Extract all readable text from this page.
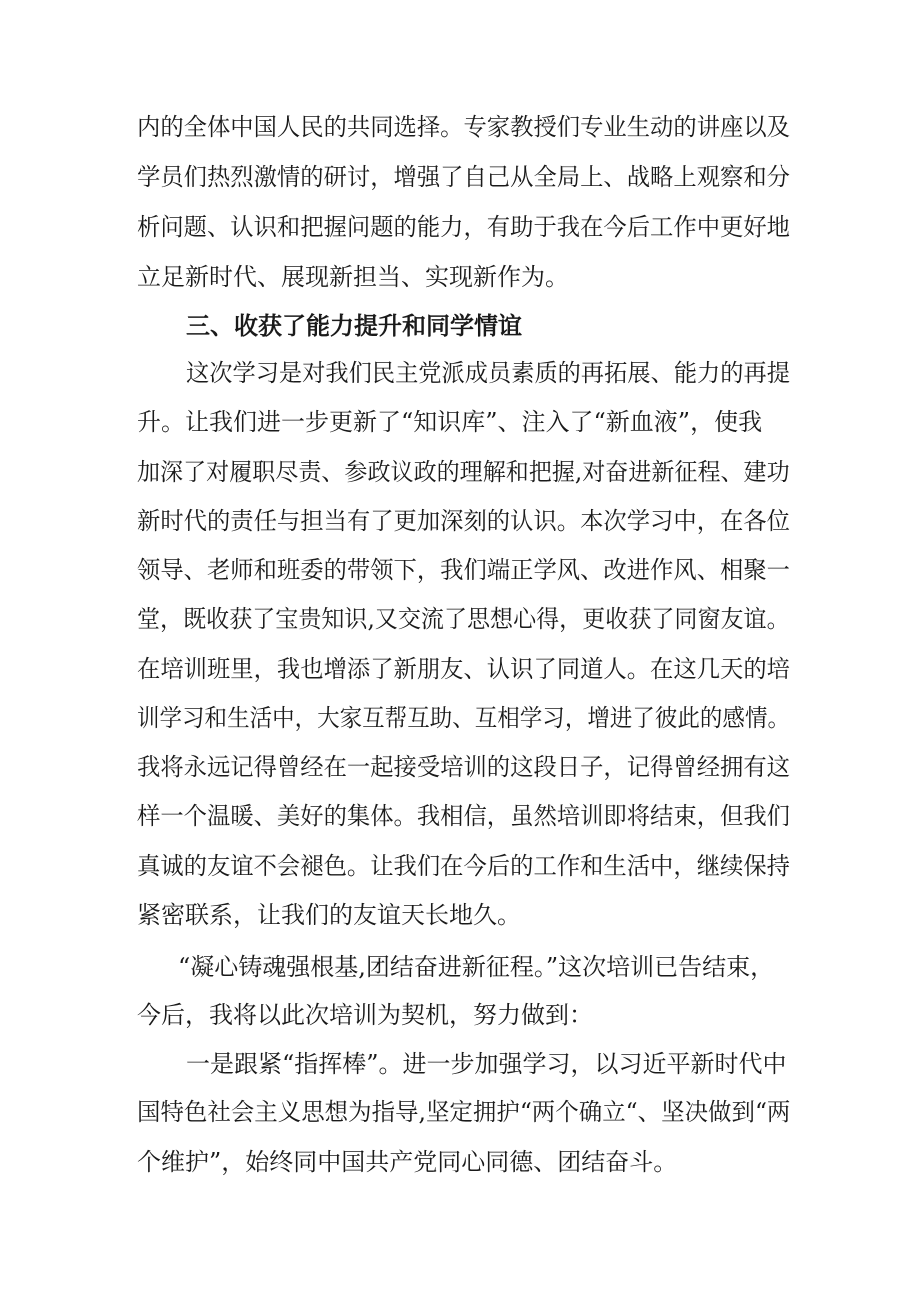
内的全体中国人民的共同选择。专家教授们专业生动的讲座以及
学员们热烈激情的研讨，增强了自己从全局上、战略上观察和分
析问题、认识和把握问题的能力，有助于我在今后工作中更好地
立足新时代、展现新担当、实现新作为。
三、收获了能力提升和同学情谊
这次学习是对我们民主党派成员素质的再拓展、能力的再提
升。让我们进一步更新了“知识库”、注入了“新血液”，使我
加深了对履职尽责、参政议政的理解和把握,对奋进新征程、建功
新时代的责任与担当有了更加深刻的认识。本次学习中，在各位
领导、老师和班委的带领下，我们端正学风、改进作风、相聚一
堂，既收获了宝贵知识,又交流了思想心得，更收获了同窗友谊。
在培训班里，我也增添了新朋友、认识了同道人。在这几天的培
训学习和生活中，大家互帮互助、互相学习，增进了彼此的感情。
我将永远记得曾经在一起接受培训的这段日子，记得曾经拥有这
样一个温暖、美好的集体。我相信，虽然培训即将结束，但我们
真诚的友谊不会褪色。让我们在今后的工作和生活中，继续保持
紧密联系，让我们的友谊天长地久。
“凝心铸魂强根基,团结奋进新征程。”这次培训已告结束，
今后，我将以此次培训为契机，努力做到：
一是跟紧“指挥棒”。进一步加强学习，以习近平新时代中
国特色社会主义思想为指导,坚定拥护“两个确立“、坚决做到“两
个维护”，始终同中国共产党同心同德、团结奋斗。
